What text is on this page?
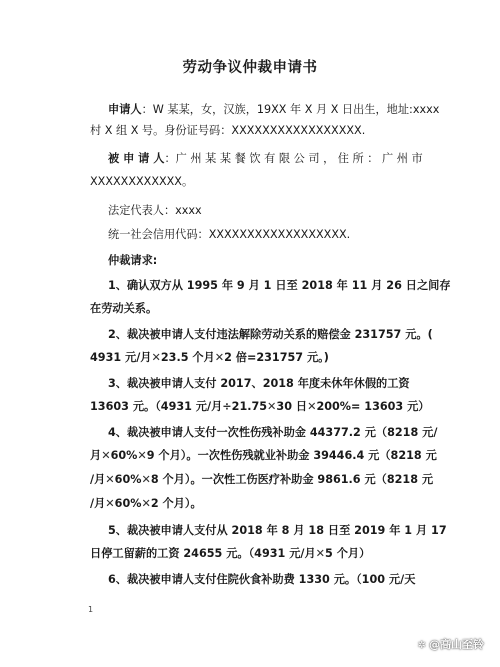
劳动争议仲裁申请书
申请人：W 某某，女，汉族，19XX 年 X 月 X 日出生，地址:xxxx
村 X 组 X 号。身份证号码：XXXXXXXXXXXXXXXXX.
被 申 请 人：广 州 某 某 餐 饮 有 限 公 司 ， 住 所 ： 广 州 市
XXXXXXXXXXXX。
法定代表人：xxxx
统一社会信用代码：XXXXXXXXXXXXXXXXXX.
仲裁请求:
1、确认双方从 1995 年 9 月 1 日至 2018 年 11 月 26 日之间存
在劳动关系。
2、裁决被申请人支付违法解除劳动关系的赔偿金 231757 元。(
4931 元/月✕23.5 个月✕2 倍=231757 元。)
3、裁决被申请人支付 2017、2018 年度未休年休假的工资
13603 元。（4931 元/月÷21.75✕30 日✕200%= 13603 元）
4、裁决被申请人支付一次性伤残补助金 44377.2 元（8218 元/
月✕60%✕9 个月）。一次性伤残就业补助金 39446.4 元（8218 元
/月✕60%✕8 个月）。一次性工伤医疗补助金 9861.6 元（8218 元
/月✕60%✕2 个月）。
5、裁决被申请人支付从 2018 年 8 月 18 日至 2019 年 1 月 17
日停工留薪的工资 24655 元。（4931 元/月✕5 个月）
6、裁决被申请人支付住院伙食补助费 1330 元。（100 元/天
1
✲ @高山至铃
